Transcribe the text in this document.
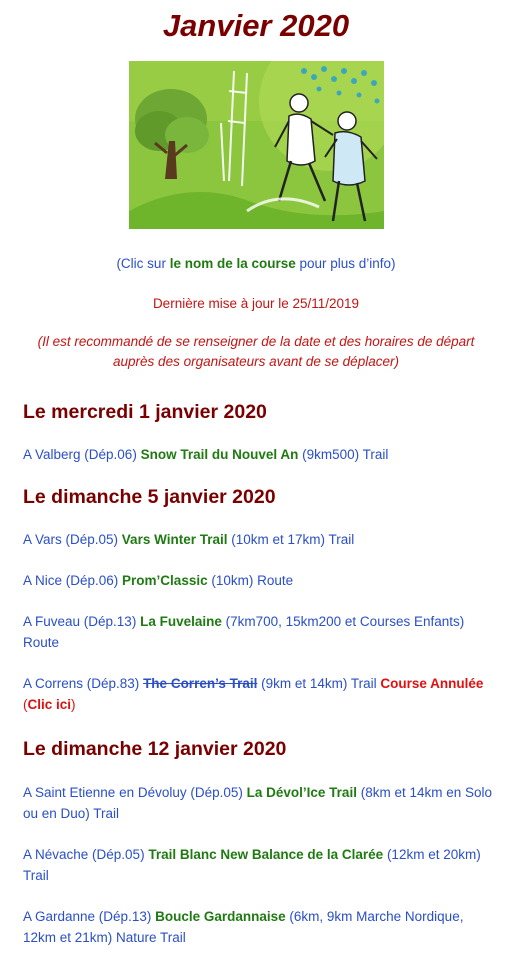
Janvier 2020

(Clic sur le nom de la course pour plus d’info)

Dernière mise à jour le 25/11/2019

(Il est recommandé de se renseigner de la date et des horaires de départ auprès des organisateurs avant de se déplacer)

Le mercredi 1 janvier 2020

A Valberg (Dép.06) Snow Trail du Nouvel An (9km500) Trail

Le dimanche 5 janvier 2020

A Vars (Dép.05) Vars Winter Trail (10km et 17km) Trail

A Nice (Dép.06) Prom’Classic (10km) Route

A Fuveau (Dép.13) La Fuvelaine (7km700, 15km200 et Courses Enfants) Route

A Correns (Dép.83) The Corren’s Trail (9km et 14km) Trail Course Annulée (Clic ici)

Le dimanche 12 janvier 2020

A Saint Etienne en Dévoluy (Dép.05) La Dévol’Ice Trail (8km et 14km en Solo ou en Duo) Trail

A Névache (Dép.05) Trail Blanc New Balance de la Clarée (12km et 20km) Trail

A Gardanne (Dép.13) Boucle Gardannaise (6km, 9km Marche Nordique, 12km et 21km) Nature Trail
